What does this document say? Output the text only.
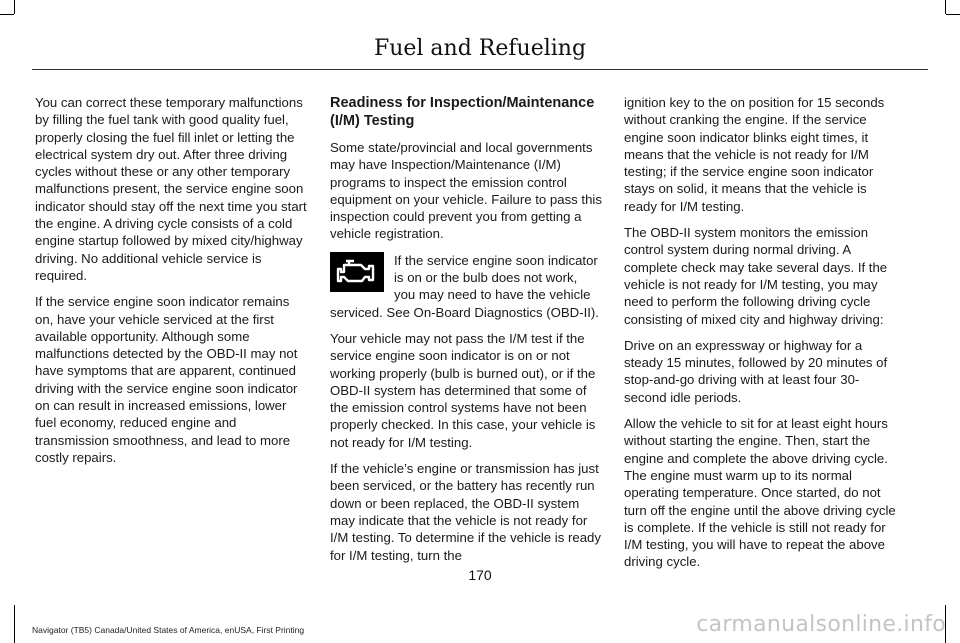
Fuel and Refueling

You can correct these temporary malfunctions by filling the fuel tank with good quality fuel, properly closing the fuel fill inlet or letting the electrical system dry out. After three driving cycles without these or any other temporary malfunctions present, the service engine soon indicator should stay off the next time you start the engine. A driving cycle consists of a cold engine startup followed by mixed city/highway driving. No additional vehicle service is required.

If the service engine soon indicator remains on, have your vehicle serviced at the first available opportunity. Although some malfunctions detected by the OBD-II may not have symptoms that are apparent, continued driving with the service engine soon indicator on can result in increased emissions, lower fuel economy, reduced engine and transmission smoothness, and lead to more costly repairs.

Readiness for Inspection/Maintenance (I/M) Testing

Some state/provincial and local governments may have Inspection/Maintenance (I/M) programs to inspect the emission control equipment on your vehicle. Failure to pass this inspection could prevent you from getting a vehicle registration.

If the service engine soon indicator is on or the bulb does not work, you may need to have the vehicle serviced. See On-Board Diagnostics (OBD-II).

Your vehicle may not pass the I/M test if the service engine soon indicator is on or not working properly (bulb is burned out), or if the OBD-II system has determined that some of the emission control systems have not been properly checked. In this case, your vehicle is not ready for I/M testing.

If the vehicle’s engine or transmission has just been serviced, or the battery has recently run down or been replaced, the OBD-II system may indicate that the vehicle is not ready for I/M testing. To determine if the vehicle is ready for I/M testing, turn the

ignition key to the on position for 15 seconds without cranking the engine. If the service engine soon indicator blinks eight times, it means that the vehicle is not ready for I/M testing; if the service engine soon indicator stays on solid, it means that the vehicle is ready for I/M testing.

The OBD-II system monitors the emission control system during normal driving. A complete check may take several days. If the vehicle is not ready for I/M testing, you may need to perform the following driving cycle consisting of mixed city and highway driving:

Drive on an expressway or highway for a steady 15 minutes, followed by 20 minutes of stop-and-go driving with at least four 30-second idle periods.

Allow the vehicle to sit for at least eight hours without starting the engine. Then, start the engine and complete the above driving cycle. The engine must warm up to its normal operating temperature. Once started, do not turn off the engine until the above driving cycle is complete. If the vehicle is still not ready for I/M testing, you will have to repeat the above driving cycle.

170
Navigator (TB5) Canada/United States of America, enUSA, First Printing	carmanualsonline.info
